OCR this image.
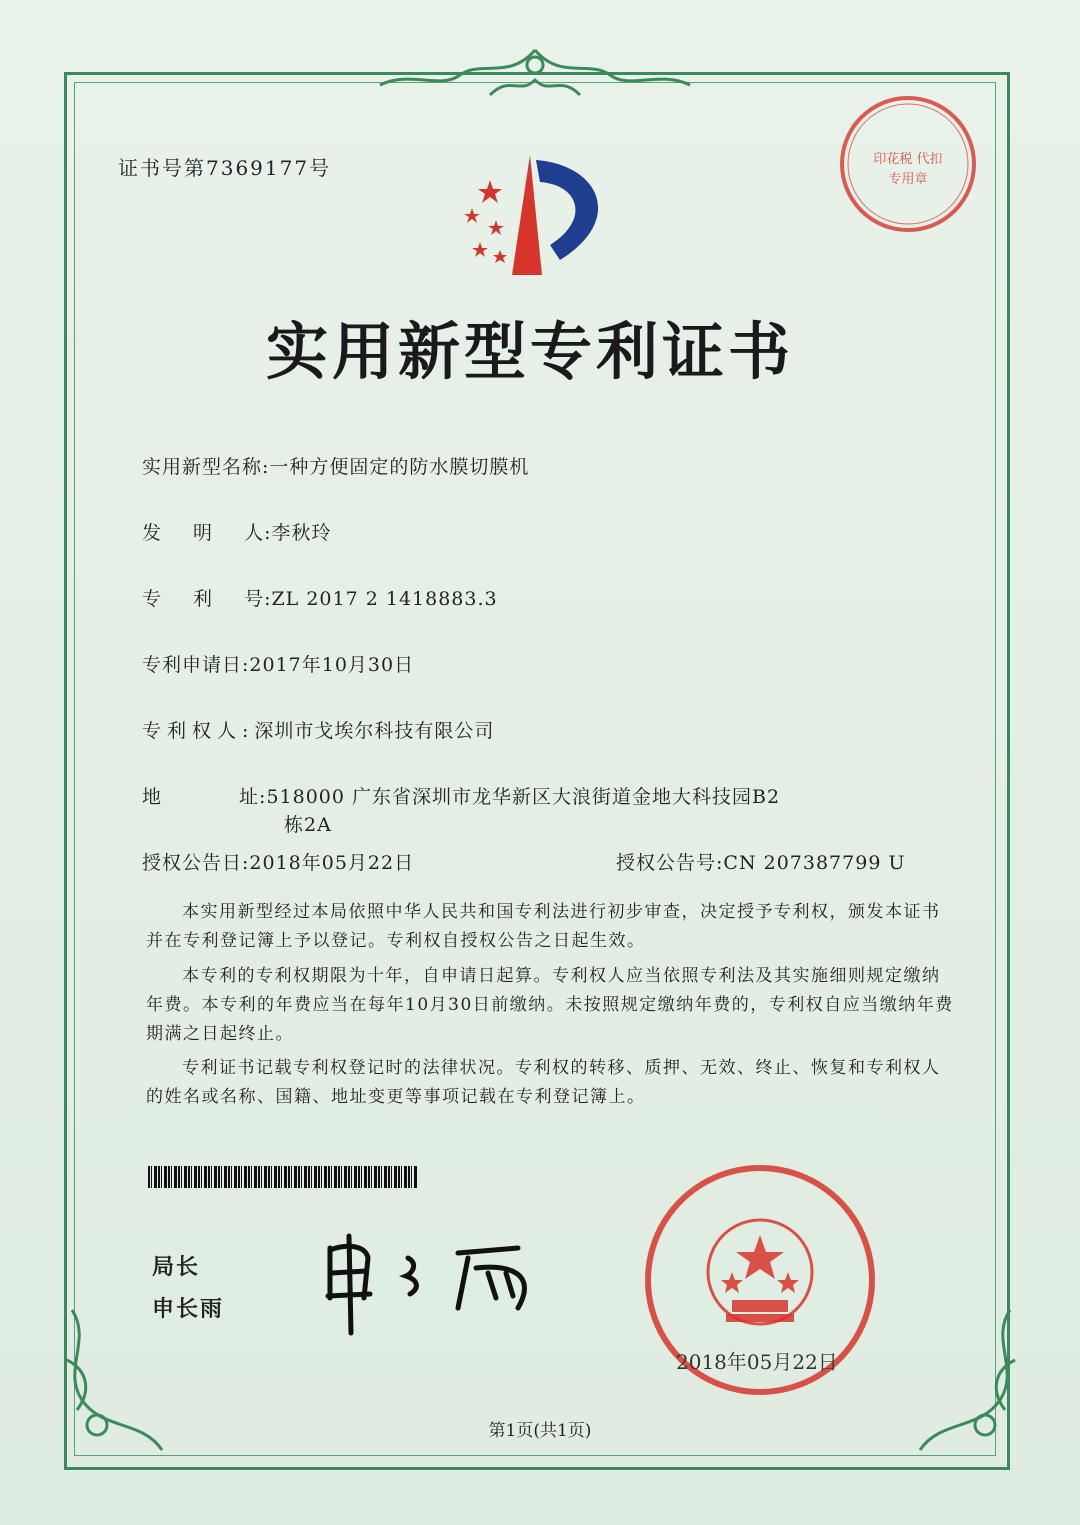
证书号第7369177号	印花税 代扣专用章
实用新型专利证书
实用新型名称:一种方便固定的防水膜切膜机
发 明 人:李秋玲
专 利 号:ZL 2017 2 1418883.3
专利申请日:2017年10月30日
专利权人:深圳市戈埃尔科技有限公司
地 址:518000 广东省深圳市龙华新区大浪街道金地大科技园B2
栋2A
授权公告日:2018年05月22日	授权公告号:CN 207387799 U
本实用新型经过本局依照中华人民共和国专利法进行初步审查，决定授予专利权，颁发本证书并在专利登记簿上予以登记。专利权自授权公告之日起生效。
本专利的专利权期限为十年，自申请日起算。专利权人应当依照专利法及其实施细则规定缴纳年费。本专利的年费应当在每年10月30日前缴纳。未按照规定缴纳年费的，专利权自应当缴纳年费期满之日起终止。
专利证书记载专利权登记时的法律状况。专利权的转移、质押、无效、终止、恢复和专利权人的姓名或名称、国籍、地址变更等事项记载在专利登记簿上。
局长
申长雨
2018年05月22日
第1页(共1页)
